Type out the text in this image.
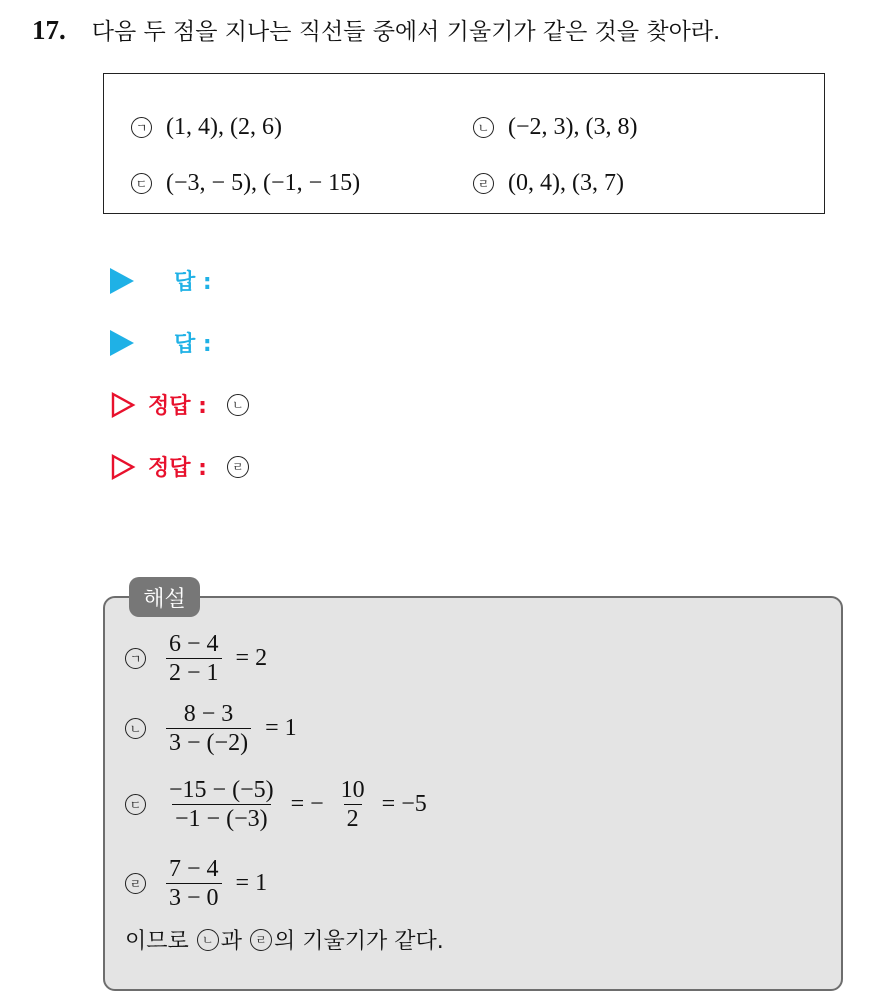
17. 다음 두 점을 지나는 직선들 중에서 기울기가 같은 것을 찾아라.
ㄱ (1, 4), (2, 6)	ㄴ (−2, 3), (3, 8)
ㄷ (−3, − 5), (−1, − 15)	ㄹ (0, 4), (3, 7)
답 :
답 :
정답 :	ㄴ
정답 :	ㄹ
해설
ㄱ $\frac{6 - 4}{2 - 1} = 2$
ㄴ $\frac{8 - 3}{3 - (-2)} = 1$
ㄷ $\frac{-15 - (-5)}{-1 - (-3)}$ = − $\frac{10}{2} = -5$
ㄹ $\frac{7 - 4}{3 - 0} = 1$
이므로	ㄴ 과	ㄹ 의 기울기가 같다.
